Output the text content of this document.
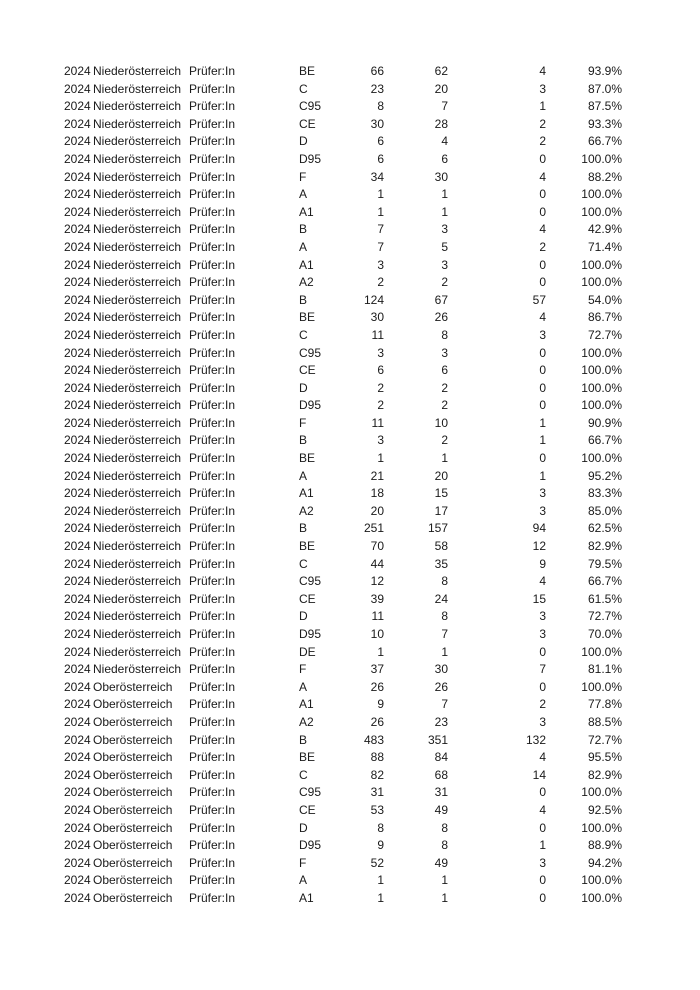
2024 Niederösterreich Prüfer:In	BE	66	62	4	93.9%
2024 Niederösterreich Prüfer:In	C	23	20	3	87.0%
2024 Niederösterreich Prüfer:In	C95	8	7	1	87.5%
2024 Niederösterreich Prüfer:In	CE	30	28	2	93.3%
2024 Niederösterreich Prüfer:In	D	6	4	2	66.7%
2024 Niederösterreich Prüfer:In	D95	6	6	0	100.0%
2024 Niederösterreich Prüfer:In	F	34	30	4	88.2%
2024 Niederösterreich Prüfer:In	A	1	1	0	100.0%
2024 Niederösterreich Prüfer:In	A1	1	1	0	100.0%
2024 Niederösterreich Prüfer:In	B	7	3	4	42.9%
2024 Niederösterreich Prüfer:In	A	7	5	2	71.4%
2024 Niederösterreich Prüfer:In	A1	3	3	0	100.0%
2024 Niederösterreich Prüfer:In	A2	2	2	0	100.0%
2024 Niederösterreich Prüfer:In	B	124	67	57	54.0%
2024 Niederösterreich Prüfer:In	BE	30	26	4	86.7%
2024 Niederösterreich Prüfer:In	C	11	8	3	72.7%
2024 Niederösterreich Prüfer:In	C95	3	3	0	100.0%
2024 Niederösterreich Prüfer:In	CE	6	6	0	100.0%
2024 Niederösterreich Prüfer:In	D	2	2	0	100.0%
2024 Niederösterreich Prüfer:In	D95	2	2	0	100.0%
2024 Niederösterreich Prüfer:In	F	11	10	1	90.9%
2024 Niederösterreich Prüfer:In	B	3	2	1	66.7%
2024 Niederösterreich Prüfer:In	BE	1	1	0	100.0%
2024 Niederösterreich Prüfer:In	A	21	20	1	95.2%
2024 Niederösterreich Prüfer:In	A1	18	15	3	83.3%
2024 Niederösterreich Prüfer:In	A2	20	17	3	85.0%
2024 Niederösterreich Prüfer:In	B	251	157	94	62.5%
2024 Niederösterreich Prüfer:In	BE	70	58	12	82.9%
2024 Niederösterreich Prüfer:In	C	44	35	9	79.5%
2024 Niederösterreich Prüfer:In	C95	12	8	4	66.7%
2024 Niederösterreich Prüfer:In	CE	39	24	15	61.5%
2024 Niederösterreich Prüfer:In	D	11	8	3	72.7%
2024 Niederösterreich Prüfer:In	D95	10	7	3	70.0%
2024 Niederösterreich Prüfer:In	DE	1	1	0	100.0%
2024 Niederösterreich Prüfer:In	F	37	30	7	81.1%
2024 Oberösterreich Prüfer:In	A	26	26	0	100.0%
2024 Oberösterreich Prüfer:In	A1	9	7	2	77.8%
2024 Oberösterreich Prüfer:In	A2	26	23	3	88.5%
2024 Oberösterreich Prüfer:In	B	483	351	132	72.7%
2024 Oberösterreich Prüfer:In	BE	88	84	4	95.5%
2024 Oberösterreich Prüfer:In	C	82	68	14	82.9%
2024 Oberösterreich Prüfer:In	C95	31	31	0	100.0%
2024 Oberösterreich Prüfer:In	CE	53	49	4	92.5%
2024 Oberösterreich Prüfer:In	D	8	8	0	100.0%
2024 Oberösterreich Prüfer:In	D95	9	8	1	88.9%
2024 Oberösterreich Prüfer:In	F	52	49	3	94.2%
2024 Oberösterreich Prüfer:In	A	1	1	0	100.0%
2024 Oberösterreich Prüfer:In	A1	1	1	0	100.0%
